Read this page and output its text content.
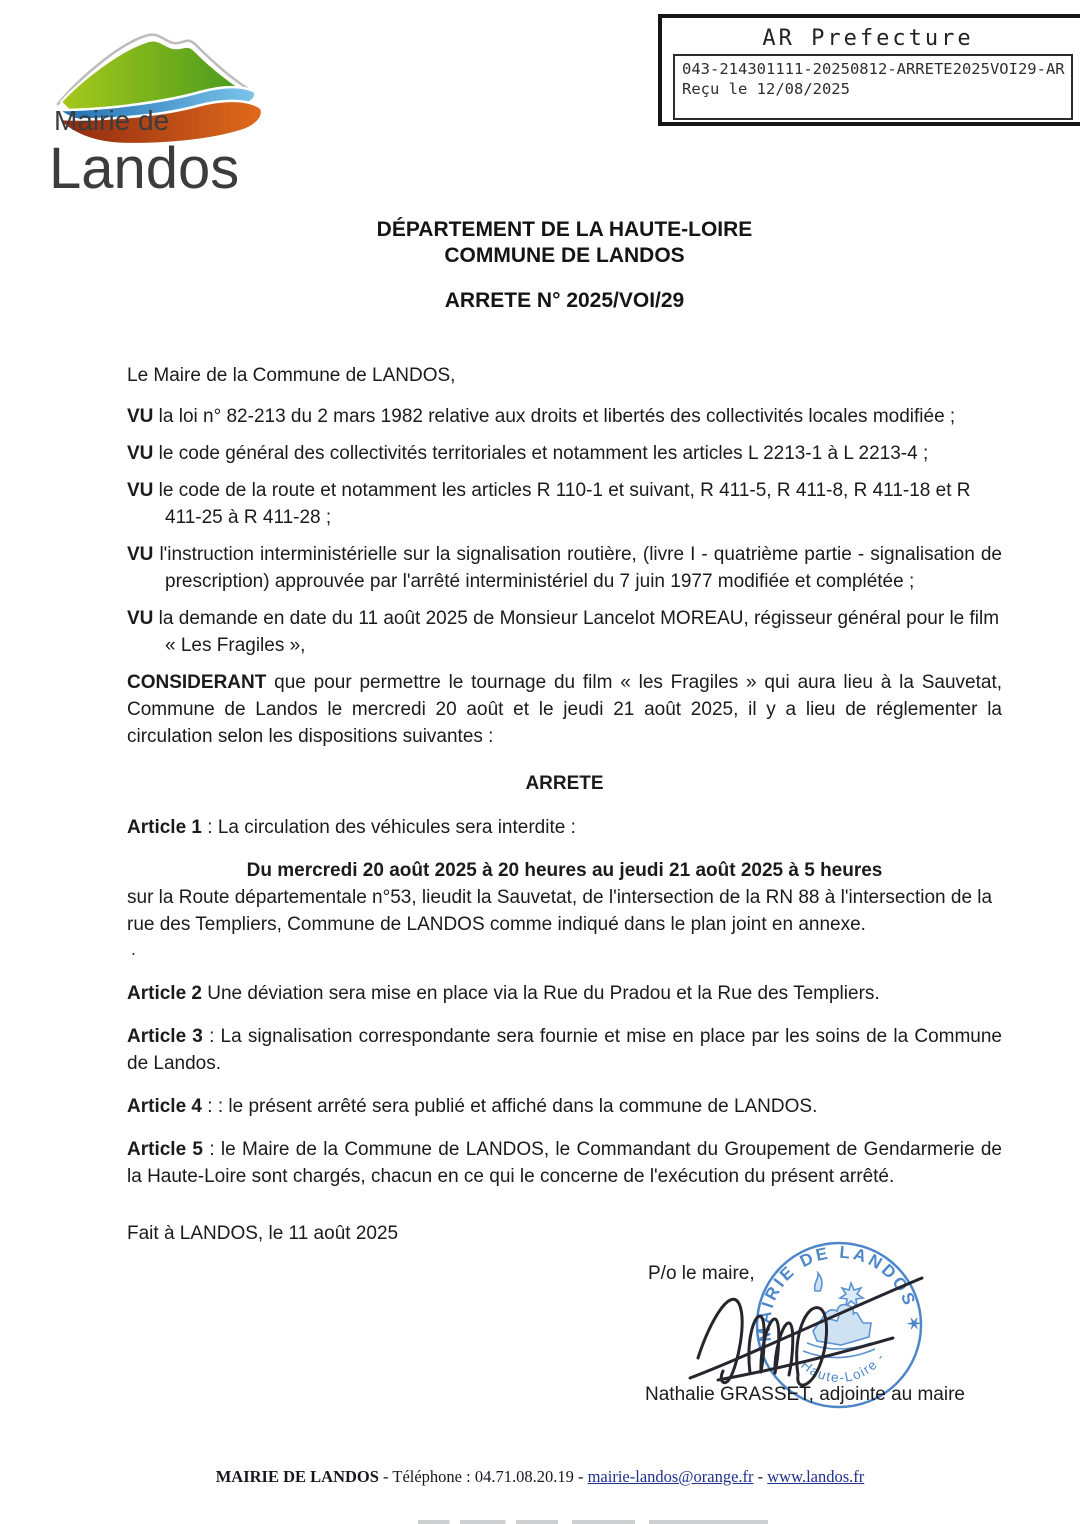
Mairie de
Landos
AR Prefecture
043-214301111-20250812-ARRETE2025VOI29-AR
Reçu le 12/08/2025
DÉPARTEMENT DE LA HAUTE-LOIRE
COMMUNE DE LANDOS
ARRETE N° 2025/VOI/29

Le Maire de la Commune de LANDOS,

VU la loi n° 82-213 du 2 mars 1982 relative aux droits et libertés des collectivités locales modifiée ;

VU le code général des collectivités territoriales et notamment les articles L 2213-1 à L 2213-4 ;

VU le code de la route et notamment les articles R 110-1 et suivant, R 411-5, R 411-8, R 411-18 et R 411-25 à R 411-28 ;

VU l'instruction interministérielle sur la signalisation routière, (livre I - quatrième partie - signalisation de prescription) approuvée par l'arrêté interministériel du 7 juin 1977 modifiée et complétée ;

VU la demande en date du 11 août 2025 de Monsieur Lancelot MOREAU, régisseur général pour le film « Les Fragiles »,

CONSIDERANT que pour permettre le tournage du film « les Fragiles » qui aura lieu à la Sauvetat, Commune de Landos le mercredi 20 août et le jeudi 21 août 2025, il y a lieu de réglementer la circulation selon les dispositions suivantes :

ARRETE

Article 1 : La circulation des véhicules sera interdite :

Du mercredi 20 août 2025 à 20 heures au jeudi 21 août 2025 à 5 heures

sur la Route départementale n°53, lieudit la Sauvetat, de l'intersection de la RN 88 à l'intersection de la rue des Templiers, Commune de LANDOS comme indiqué dans le plan joint en annexe.

.

Article 2 Une déviation sera mise en place via la Rue du Pradou et la Rue des Templiers.

Article 3 : La signalisation correspondante sera fournie et mise en place par les soins de la Commune de Landos.

Article 4 : : le présent arrêté sera publié et affiché dans la commune de LANDOS.

Article 5 : le Maire de la Commune de LANDOS, le Commandant du Groupement de Gendarmerie de la Haute-Loire sont chargés, chacun en ce qui le concerne de l'exécution du présent arrêté.

Fait à LANDOS, le 11 août 2025
P/o le maire,
MAIRIE DE LANDOS ✶
- Haute-Loire -
Nathalie GRASSET, adjointe au maire
MAIRIE DE LANDOS - Téléphone : 04.71.08.20.19 - mairie-landos@orange.fr - www.landos.fr
